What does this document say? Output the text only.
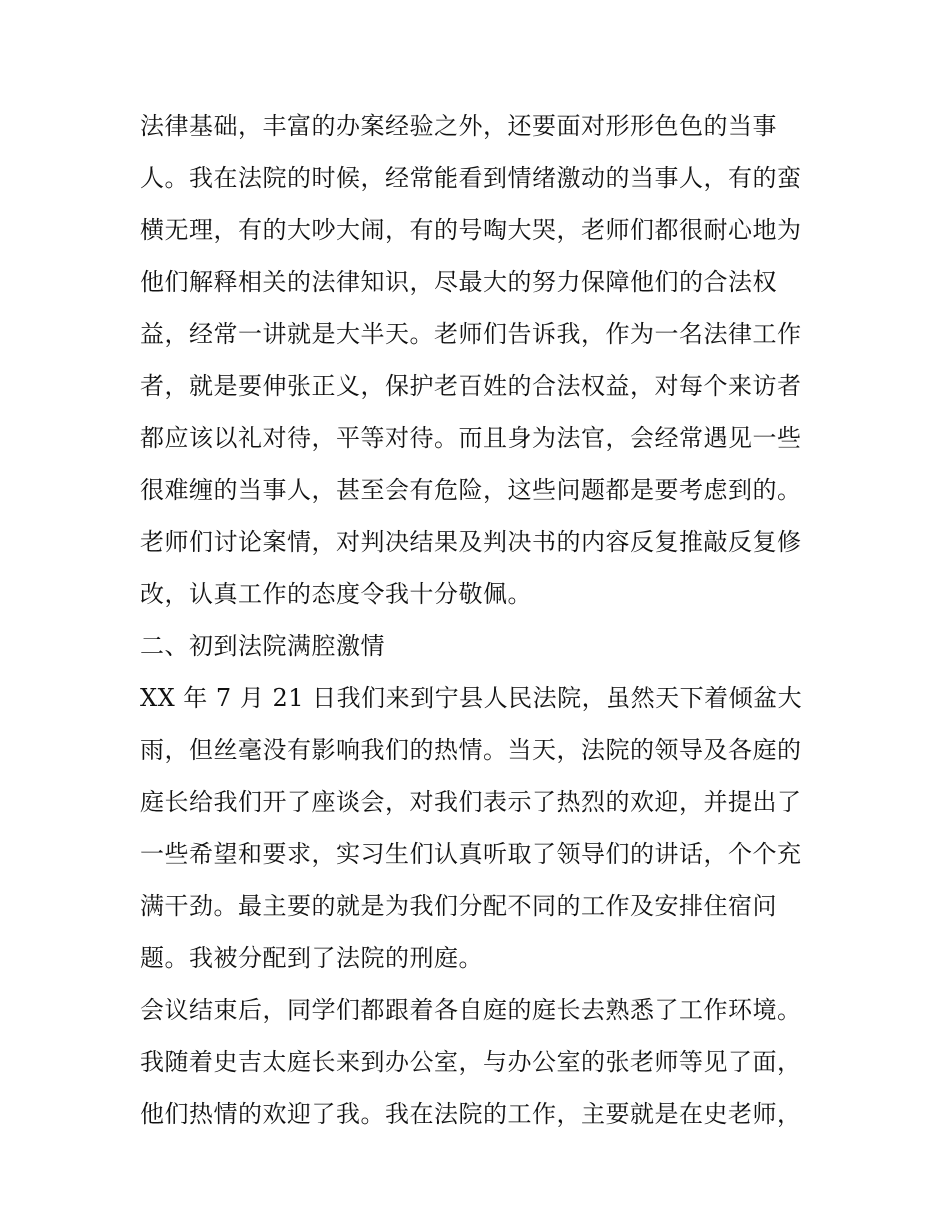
法律基础，丰富的办案经验之外，还要面对形形色色的当事

人。我在法院的时候，经常能看到情绪激动的当事人，有的蛮

横无理，有的大吵大闹，有的号啕大哭，老师们都很耐心地为

他们解释相关的法律知识，尽最大的努力保障他们的合法权

益，经常一讲就是大半天。老师们告诉我，作为一名法律工作

者，就是要伸张正义，保护老百姓的合法权益，对每个来访者

都应该以礼对待，平等对待。而且身为法官，会经常遇见一些

很难缠的当事人，甚至会有危险，这些问题都是要考虑到的。

老师们讨论案情，对判决结果及判决书的内容反复推敲反复修

改，认真工作的态度令我十分敬佩。

二、初到法院满腔激情

XX 年 7 月 21 日我们来到宁县人民法院，虽然天下着倾盆大

雨，但丝毫没有影响我们的热情。当天，法院的领导及各庭的

庭长给我们开了座谈会，对我们表示了热烈的欢迎，并提出了

一些希望和要求，实习生们认真听取了领导们的讲话，个个充

满干劲。最主要的就是为我们分配不同的工作及安排住宿问

题。我被分配到了法院的刑庭。

会议结束后，同学们都跟着各自庭的庭长去熟悉了工作环境。

我随着史吉太庭长来到办公室，与办公室的张老师等见了面，

他们热情的欢迎了我。我在法院的工作，主要就是在史老师，
